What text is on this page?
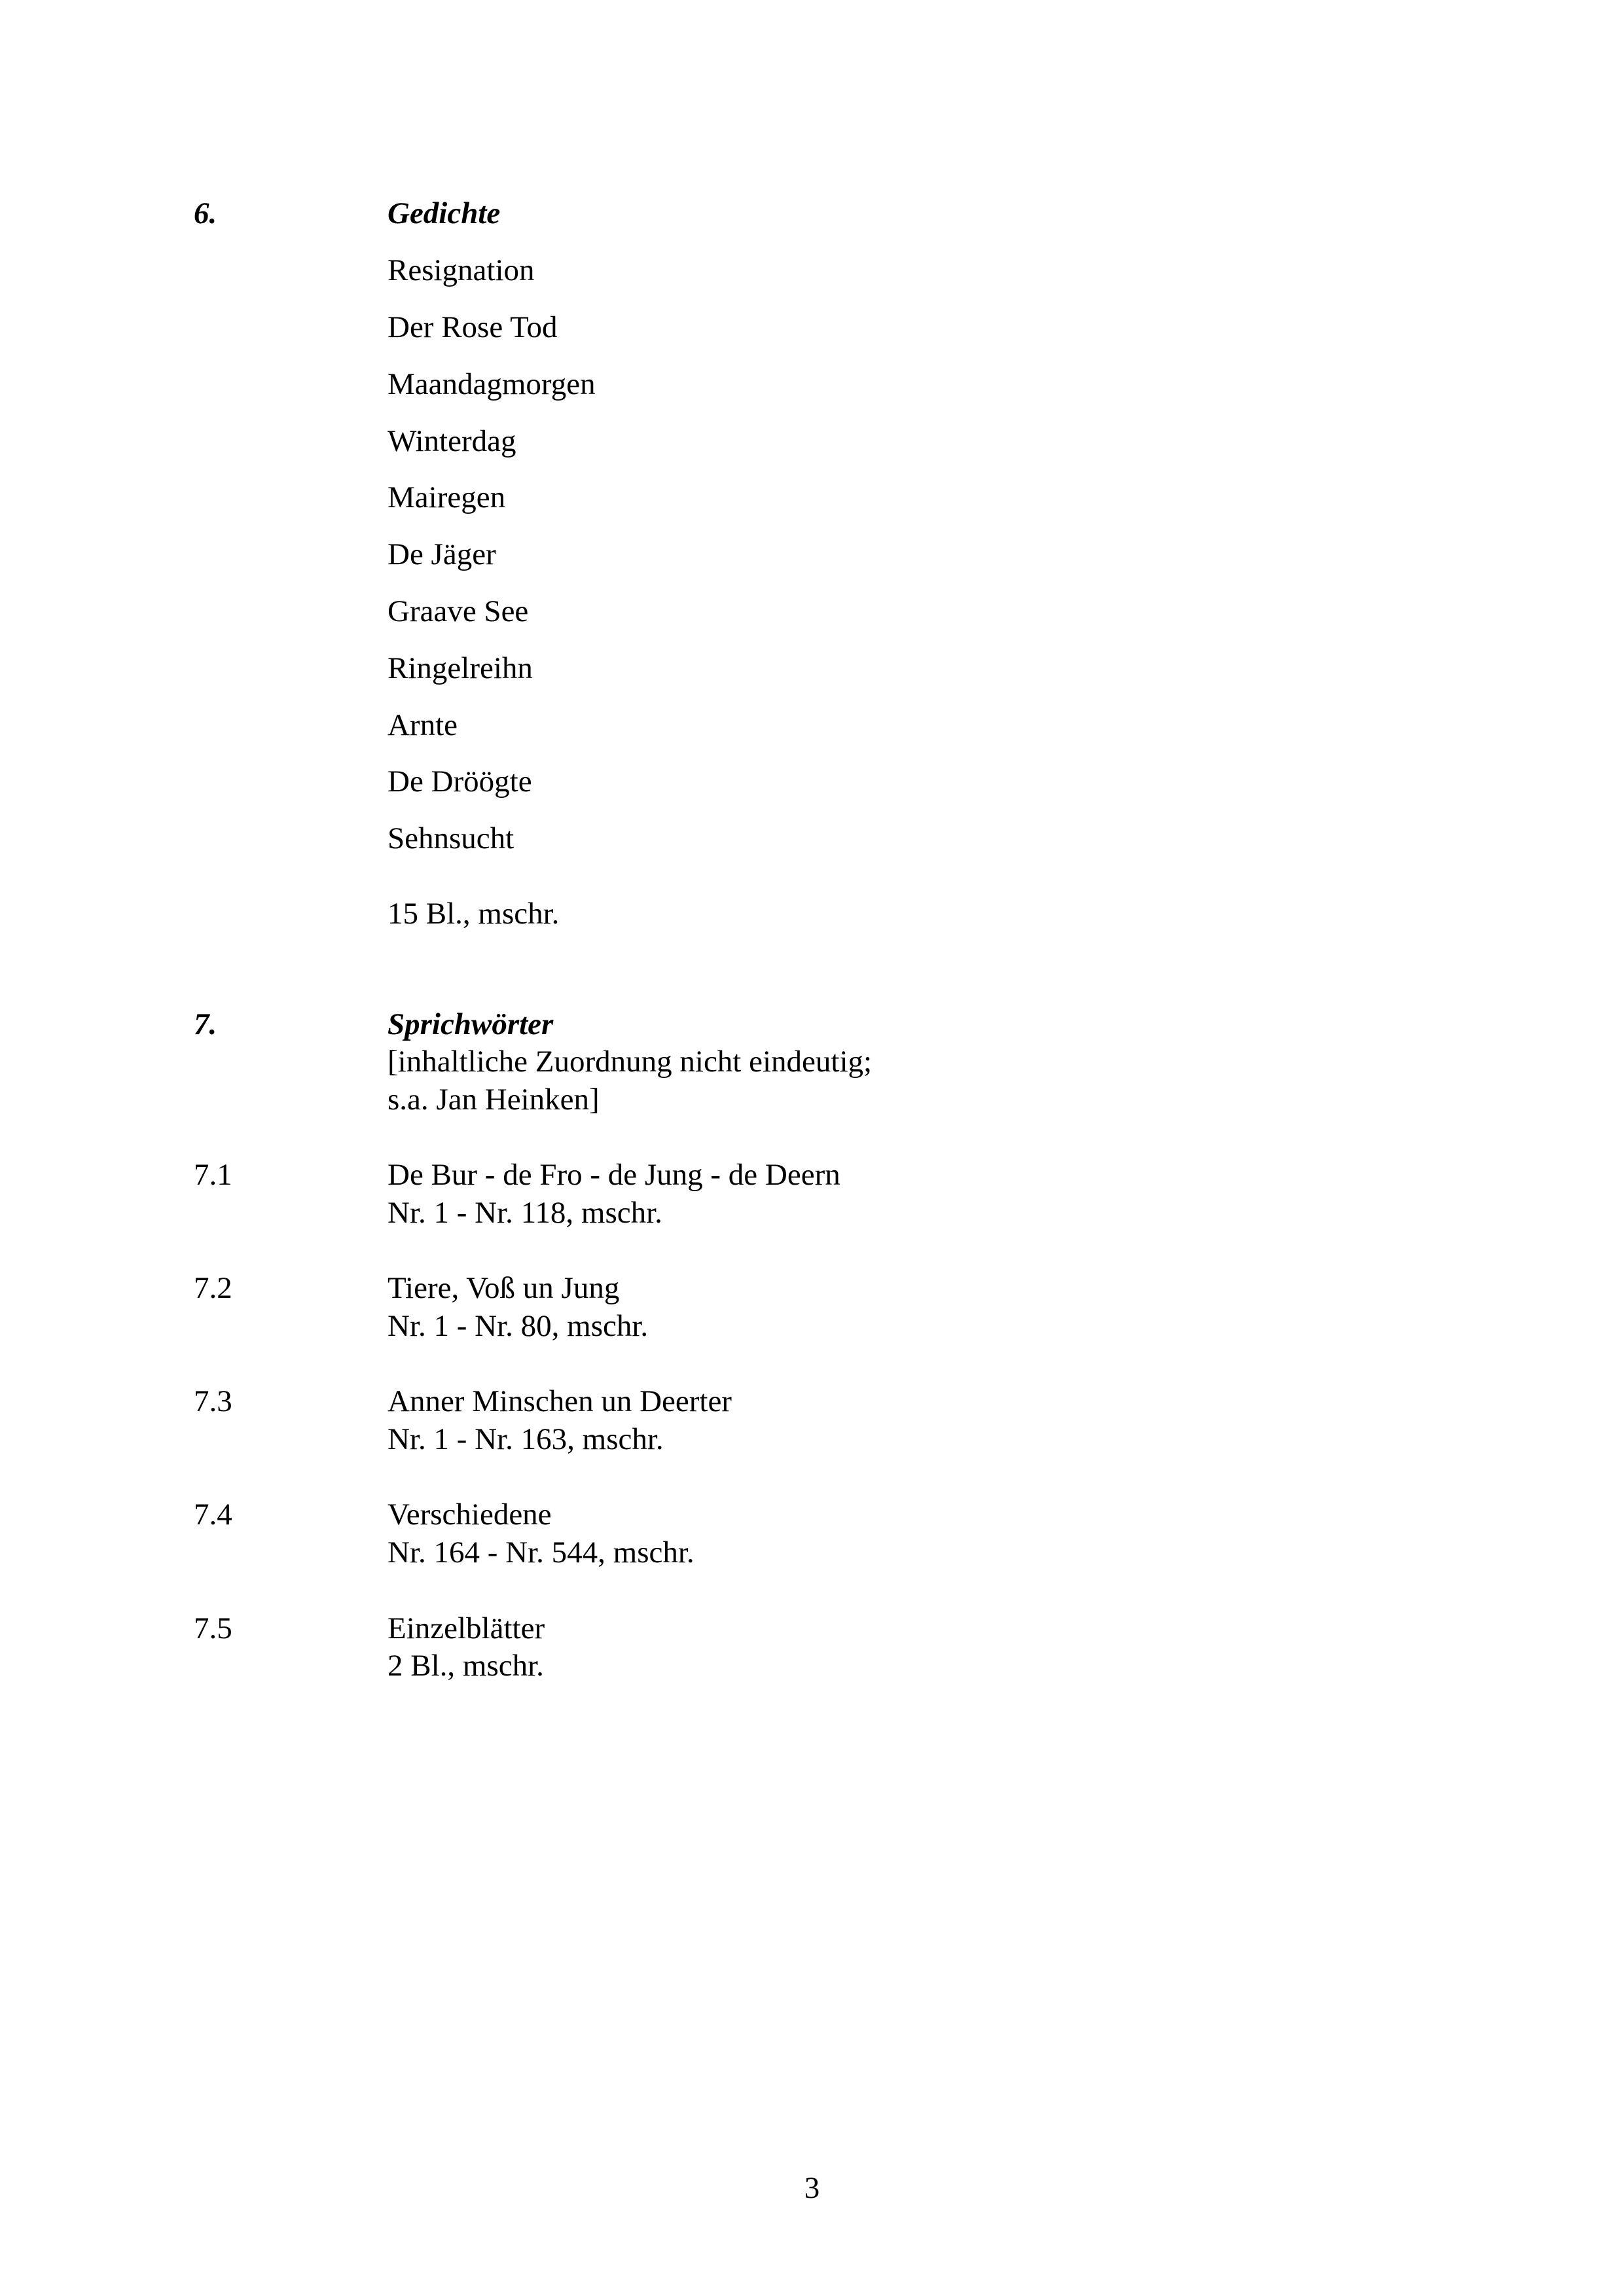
6.	Gedichte
Resignation
Der Rose Tod
Maandagmorgen
Winterdag
Mairegen
De Jäger
Graave See
Ringelreihn
Arnte
De Dröögte
Sehnsucht
15 Bl., mschr.
7.	Sprichwörter
[inhaltliche Zuordnung nicht eindeutig;
s.a. Jan Heinken]
7.1	De Bur - de Fro - de Jung - de Deern
Nr. 1 - Nr. 118, mschr.
7.2	Tiere, Voß un Jung
Nr. 1 - Nr. 80, mschr.
7.3	Anner Minschen un Deerter
Nr. 1 - Nr. 163, mschr.
7.4	Verschiedene
Nr. 164 - Nr. 544, mschr.
7.5	Einzelblätter
2 Bl., mschr.
3
